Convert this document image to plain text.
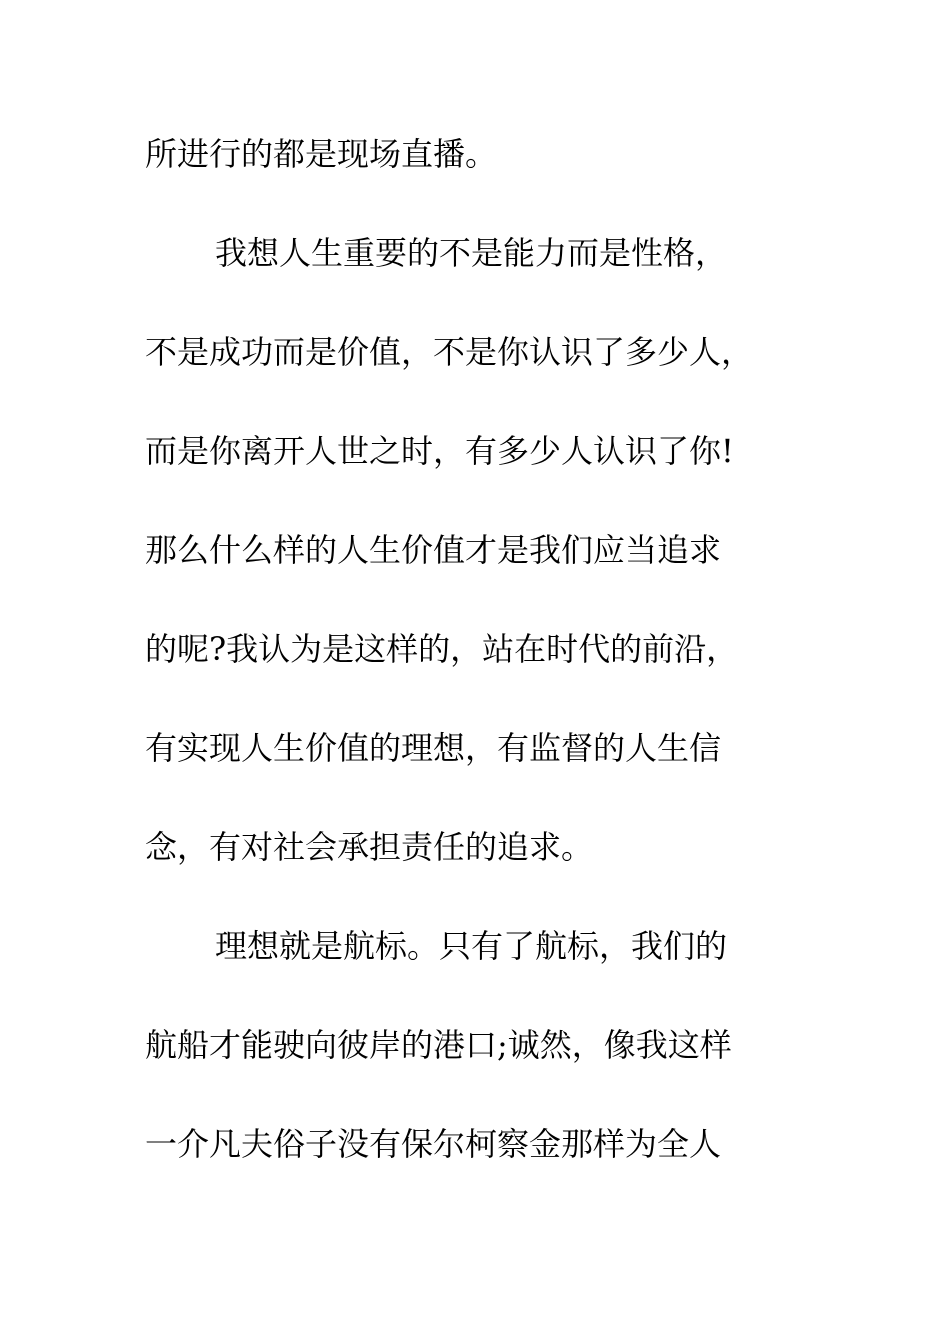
所进行的都是现场直播。
我想人生重要的不是能力而是性格，
不是成功而是价值，不是你认识了多少人，
而是你离开人世之时，有多少人认识了你!
那么什么样的人生价值才是我们应当追求
的呢?我认为是这样的，站在时代的前沿，
有实现人生价值的理想，有监督的人生信
念，有对社会承担责任的追求。
理想就是航标。只有了航标，我们的
航船才能驶向彼岸的港口;诚然，像我这样
一介凡夫俗子没有保尔柯察金那样为全人
